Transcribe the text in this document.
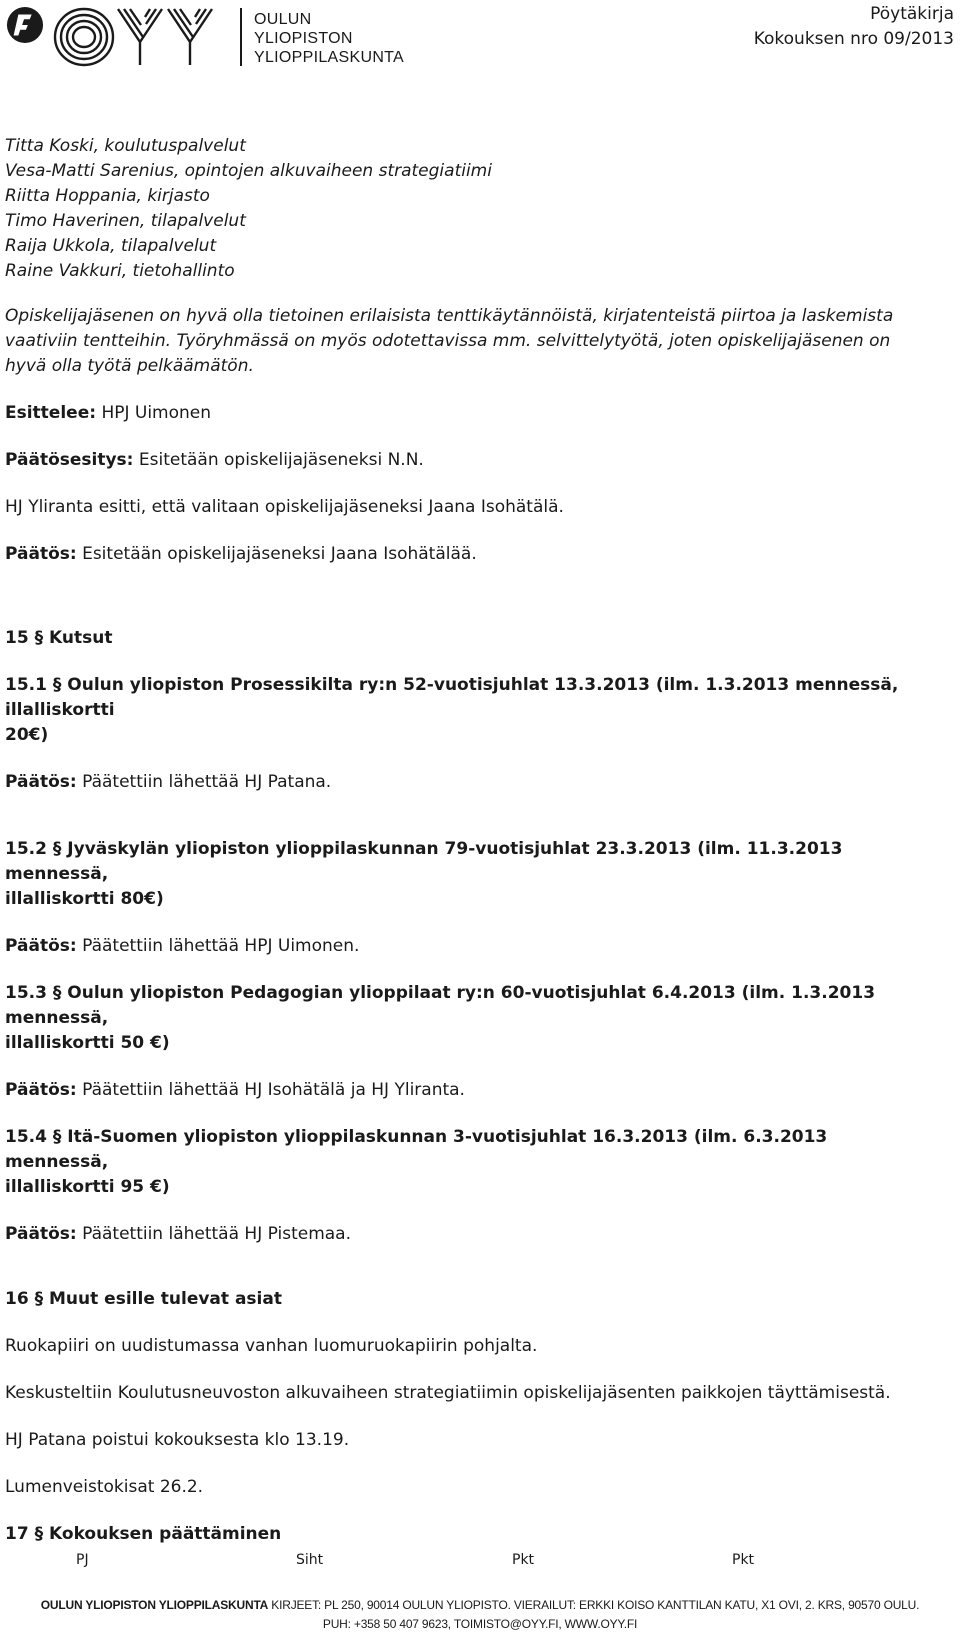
OULUN
YLIOPISTON
YLIOPPILASKUNTA
Pöytäkirja
Kokouksen nro 09/2013
Titta Koski, koulutuspalvelut
Vesa-Matti Sarenius, opintojen alkuvaiheen strategiatiimi
Riitta Hoppania, kirjasto
Timo Haverinen, tilapalvelut
Raija Ukkola, tilapalvelut
Raine Vakkuri, tietohallinto
Opiskelijajäsenen on hyvä olla tietoinen erilaisista tenttikäytännöistä, kirjatenteistä piirtoa ja laskemista vaativiin tentteihin. Työryhmässä on myös odotettavissa mm. selvittelytyötä, joten opiskelijajäsenen on hyvä olla työtä pelkäämätön.

Esittelee: HPJ Uimonen

Päätösesitys: Esitetään opiskelijajäseneksi N.N.

HJ Yliranta esitti, että valitaan opiskelijajäseneksi Jaana Isohätälä.

Päätös: Esitetään opiskelijajäseneksi Jaana Isohätälää.

15 § Kutsut
15.1 § Oulun yliopiston Prosessikilta ry:n 52-vuotisjuhlat 13.3.2013 (ilm. 1.3.2013 mennessä, illalliskortti
20€)

Päätös: Päätettiin lähettää HJ Patana.

15.2 § Jyväskylän yliopiston ylioppilaskunnan 79-vuotisjuhlat 23.3.2013 (ilm. 11.3.2013 mennessä,
illalliskortti 80€)

Päätös: Päätettiin lähettää HPJ Uimonen.

15.3 § Oulun yliopiston Pedagogian ylioppilaat ry:n 60-vuotisjuhlat 6.4.2013 (ilm. 1.3.2013 mennessä,
illalliskortti 50 €)

Päätös: Päätettiin lähettää HJ Isohätälä ja HJ Yliranta.

15.4 § Itä-Suomen yliopiston ylioppilaskunnan 3-vuotisjuhlat 16.3.2013 (ilm. 6.3.2013 mennessä,
illalliskortti 95 €)

Päätös: Päätettiin lähettää HJ Pistemaa.

16 § Muut esille tulevat asiat

Ruokapiiri on uudistumassa vanhan luomuruokapiirin pohjalta.

Keskusteltiin Koulutusneuvoston alkuvaiheen strategiatiimin opiskelijajäsenten paikkojen täyttämisestä.

HJ Patana poistui kokouksesta klo 13.19.

Lumenveistokisat 26.2.

17 § Kokouksen päättäminen
PJ	Siht	Pkt	Pkt
OULUN YLIOPISTON YLIOPPILASKUNTA KIRJEET: PL 250, 90014 OULUN YLIOPISTO. VIERAILUT: ERKKI KOISO KANTTILAN KATU, X1 OVI, 2. KRS, 90570 OULU.
PUH: +358 50 407 9623, TOIMISTO@OYY.FI, WWW.OYY.FI
